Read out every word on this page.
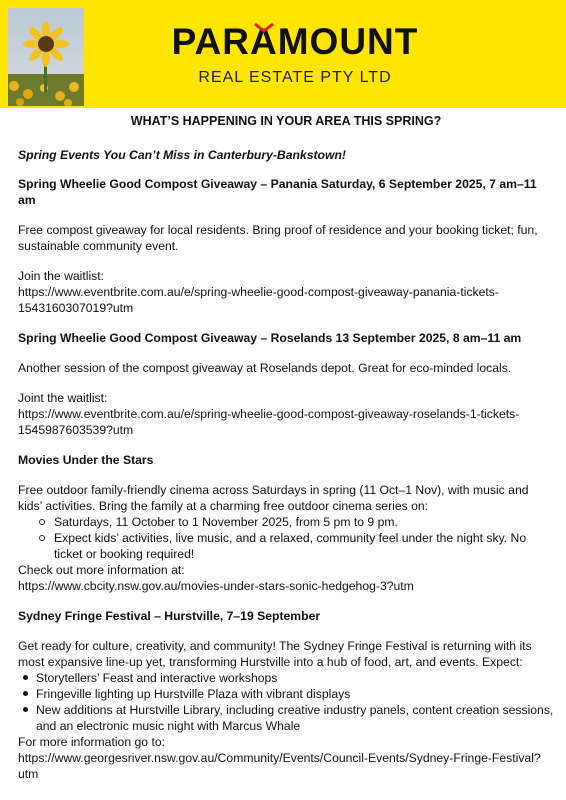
PARAMOUNT
REAL ESTATE PTY LTD
WHAT’S HAPPENING IN YOUR AREA THIS SPRING?

Spring Events You Can’t Miss in Canterbury-Bankstown!

Spring Wheelie Good Compost Giveaway – Panania Saturday, 6 September 2025, 7 am–11 am

Free compost giveaway for local residents. Bring proof of residence and your booking ticket; fun, sustainable community event.

Join the waitlist:

https://www.eventbrite.com.au/e/spring-wheelie-good-compost-giveaway-panania-tickets-1543160307019?utm

Spring Wheelie Good Compost Giveaway – Roselands 13 September 2025, 8 am–11 am

Another session of the compost giveaway at Roselands depot. Great for eco-minded locals.

Joint the waitlist:

https://www.eventbrite.com.au/e/spring-wheelie-good-compost-giveaway-roselands-1-tickets-1545987603539?utm

Movies Under the Stars

Free outdoor family-friendly cinema across Saturdays in spring (11 Oct–1 Nov), with music and kids’ activities. Bring the family at a charming free outdoor cinema series on:

Saturdays, 11 October to 1 November 2025, from 5 pm to 9 pm.
Expect kids’ activities, live music, and a relaxed, community feel under the night sky. No ticket or booking required!

Check out more information at:

https://www.cbcity.nsw.gov.au/movies-under-stars-sonic-hedgehog-3?utm

Sydney Fringe Festival – Hurstville, 7–19 September

Get ready for culture, creativity, and community! The Sydney Fringe Festival is returning with its most expansive line-up yet, transforming Hurstville into a hub of food, art, and events. Expect:

Storytellers’ Feast and interactive workshops
Fringeville lighting up Hurstville Plaza with vibrant displays
New additions at Hurstville Library, including creative industry panels, content creation sessions, and an electronic music night with Marcus Whale

For more information go to:

https://www.georgesriver.nsw.gov.au/Community/Events/Council-Events/Sydney-Fringe-Festival?utm
